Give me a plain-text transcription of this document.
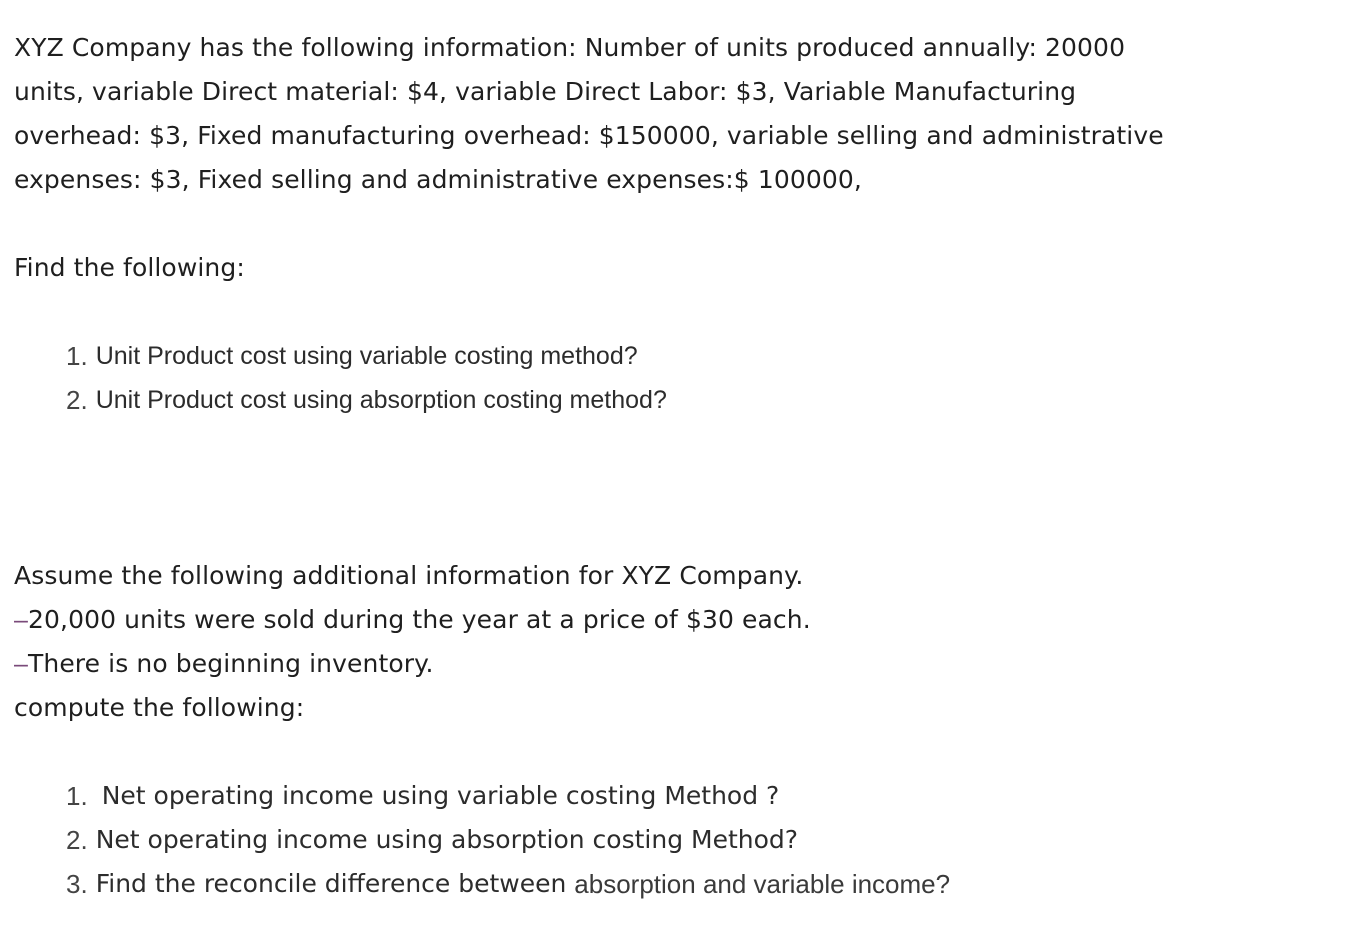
XYZ Company has the following information: Number of units produced annually: 20000
units, variable Direct material: $4, variable Direct Labor: $3, Variable Manufacturing
overhead: $3, Fixed manufacturing overhead: $150000, variable selling and administrative
expenses: $3, Fixed selling and administrative expenses:$ 100000,

Find the following:

1. Unit Product cost using variable costing method?
2. Unit Product cost using absorption costing method?

Assume the following additional information for XYZ Company.
–20,000 units were sold during the year at a price of $30 each.
–There is no beginning inventory.
compute the following:

1. Net operating income using variable costing Method ?
2. Net operating income using absorption costing Method?
3. Find the reconcile difference between
absorption and variable income?
